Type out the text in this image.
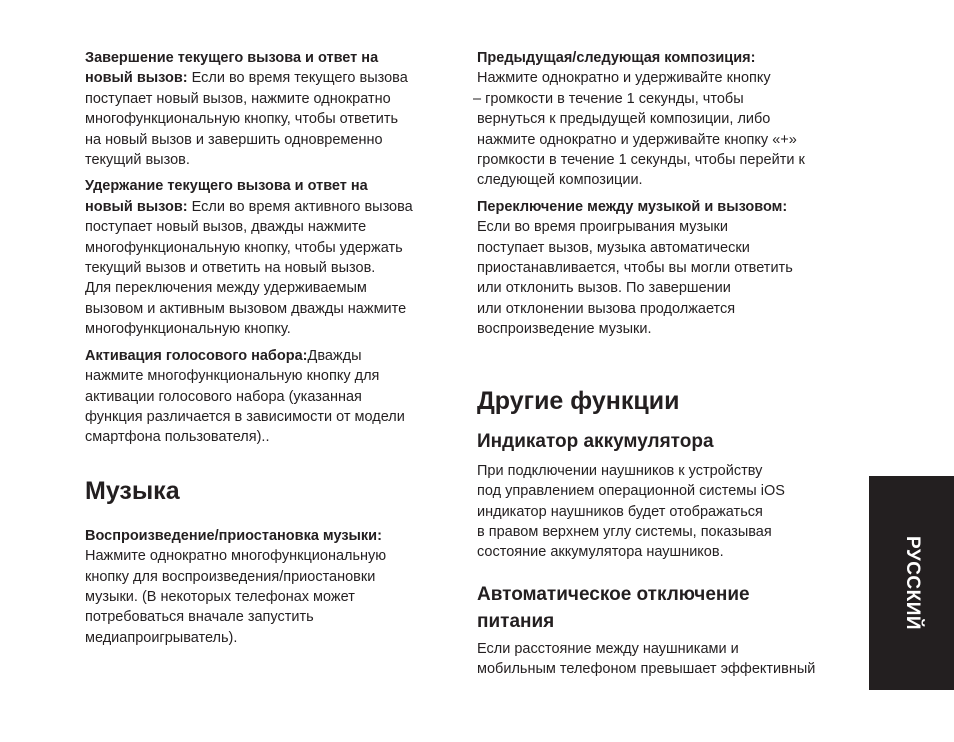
Завершение текущего вызова и ответ на
новый вызов: Если во время текущего вызова
поступает новый вызов, нажмите однократно
многофункциональную кнопку, чтобы ответить
на новый вызов и завершить одновременно
текущий вызов.

Удержание текущего вызова и ответ на
новый вызов: Если во время активного вызова
поступает новый вызов, дважды нажмите
многофункциональную кнопку, чтобы удержать
текущий вызов и ответить на новый вызов.
Для переключения между удерживаемым
вызовом и активным вызовом дважды нажмите
многофункциональную кнопку.

Активация голосового набора:Дважды
нажмите многофункциональную кнопку для
активации голосового набора (указанная
функция различается в зависимости от модели
смартфона пользователя)..

Музыка

Воспроизведение/приостановка музыки:
Нажмите однократно многофункциональную
кнопку для воспроизведения/приостановки
музыки. (В некоторых телефонах может
потребоваться вначале запустить
медиапроигрыватель).

Предыдущая/следующая композиция:
Нажмите однократно и удерживайте кнопку
– громкости в течение 1 секунды, чтобы
вернуться к предыдущей композиции, либо
нажмите однократно и удерживайте кнопку «+»
громкости в течение 1 секунды, чтобы перейти к
следующей композиции.

Переключение между музыкой и вызовом:
Если во время проигрывания музыки
поступает вызов, музыка автоматически
приостанавливается, чтобы вы могли ответить
или отклонить вызов. По завершении
или отклонении вызова продолжается
воспроизведение музыки.

Другие функции
Индикатор аккумулятора

При подключении наушников к устройству
под управлением операционной системы iOS
индикатор наушников будет отображаться
в правом верхнем углу системы, показывая
состояние аккумулятора наушников.

Автоматическое отключение
питания

Если расстояние между наушниками и
мобильным телефоном превышает эффективный

РУССКИЙ
